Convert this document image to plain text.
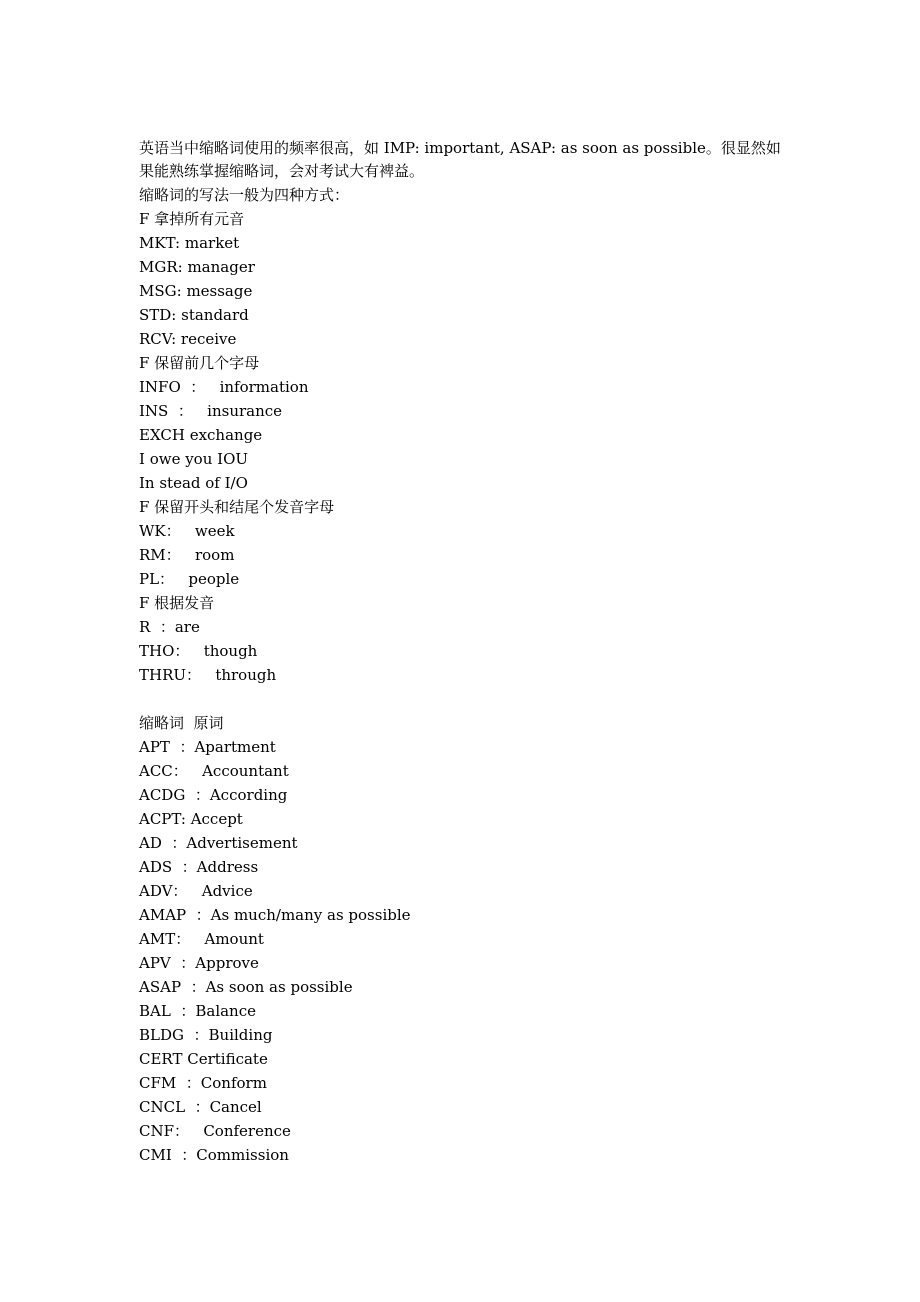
英语当中缩略词使用的频率很高，如 IMP: important, ASAP: as soon as possible。很显然如果能熟练掌握缩略词，会对考试大有裨益。

缩略词的写法一般为四种方式：
F 拿掉所有元音
MKT: market
MGR: manager
MSG: message
STD: standard
RCV: receive
F 保留前几个字母
INFO  ：   information
INS  ：   insurance
EXCH exchange
I owe you IOU
In stead of I/O
F 保留开头和结尾个发音字母
WK：   week
RM：   room
PL：   people
F 根据发音
R  ：are
THO：   though
THRU：   through
缩略词  原词
APT  ：Apartment
ACC：   Accountant
ACDG  ：According
ACPT: Accept
AD  ：Advertisement
ADS  ：Address
ADV：   Advice
AMAP  ：As much/many as possible
AMT：   Amount
APV  ：Approve
ASAP  ：As soon as possible
BAL  ：Balance
BLDG  ：Building
CERT Certificate
CFM  ：Conform
CNCL  ：Cancel
CNF：   Conference
CMI  ：Commission
